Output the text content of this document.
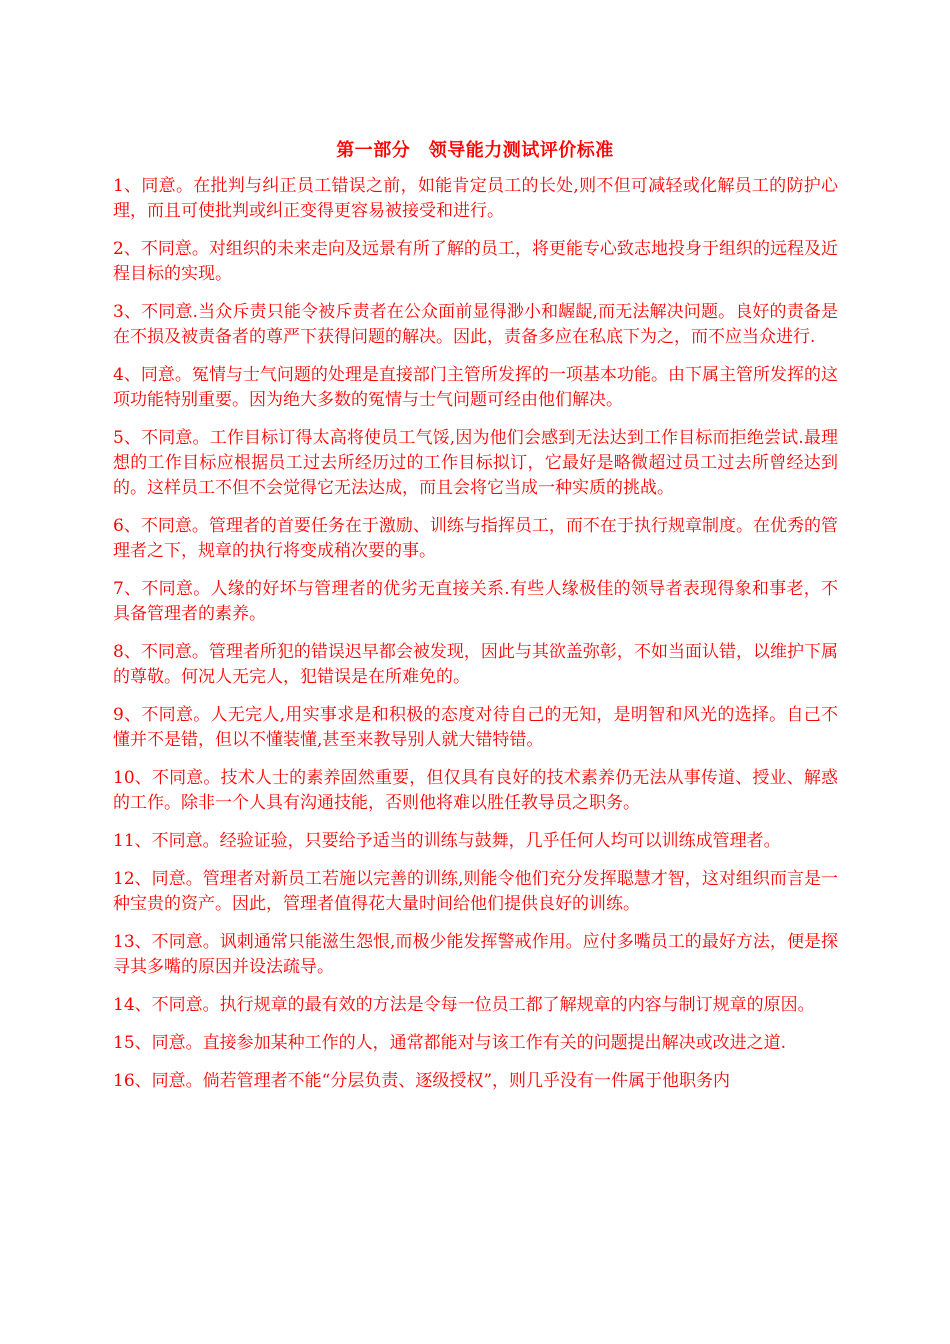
第一部分　领导能力测试评价标准

1、同意。在批判与纠正员工错误之前，如能肯定员工的长处,则不但可减轻或化解员工的防护心理，而且可使批判或纠正变得更容易被接受和进行。

2、不同意。对组织的未来走向及远景有所了解的员工，将更能专心致志地投身于组织的远程及近程目标的实现。

3、不同意.当众斥责只能令被斥责者在公众面前显得渺小和龌龊,而无法解决问题。良好的责备是在不损及被责备者的尊严下获得问题的解决。因此，责备多应在私底下为之，而不应当众进行.

4、同意。冤情与士气问题的处理是直接部门主管所发挥的一项基本功能。由下属主管所发挥的这项功能特别重要。因为绝大多数的冤情与士气问题可经由他们解决。

5、不同意。工作目标订得太高将使员工气馁,因为他们会感到无法达到工作目标而拒绝尝试.最理想的工作目标应根据员工过去所经历过的工作目标拟订，它最好是略微超过员工过去所曾经达到的。这样员工不但不会觉得它无法达成，而且会将它当成一种实质的挑战。

6、不同意。管理者的首要任务在于激励、训练与指挥员工，而不在于执行规章制度。在优秀的管理者之下，规章的执行将变成稍次要的事。

7、不同意。人缘的好坏与管理者的优劣无直接关系.有些人缘极佳的领导者表现得象和事老，不具备管理者的素养。

8、不同意。管理者所犯的错误迟早都会被发现，因此与其欲盖弥彰，不如当面认错，以维护下属的尊敬。何况人无完人，犯错误是在所难免的。

9、不同意。人无完人,用实事求是和积极的态度对待自己的无知，是明智和风光的选择。自己不懂并不是错，但以不懂装懂,甚至来教导别人就大错特错。

10、不同意。技术人士的素养固然重要，但仅具有良好的技术素养仍无法从事传道、授业、解惑的工作。除非一个人具有沟通技能，否则他将难以胜任教导员之职务。

11、不同意。经验证验，只要给予适当的训练与鼓舞，几乎任何人均可以训练成管理者。

12、同意。管理者对新员工若施以完善的训练,则能令他们充分发挥聪慧才智，这对组织而言是一种宝贵的资产。因此，管理者值得花大量时间给他们提供良好的训练。

13、不同意。讽刺通常只能滋生怨恨,而极少能发挥警戒作用。应付多嘴员工的最好方法，便是探寻其多嘴的原因并设法疏导。

14、不同意。执行规章的最有效的方法是令每一位员工都了解规章的内容与制订规章的原因。

15、同意。直接参加某种工作的人，通常都能对与该工作有关的问题提出解决或改进之道.

16、同意。倘若管理者不能“分层负责、逐级授权”，则几乎没有一件属于他职务内
